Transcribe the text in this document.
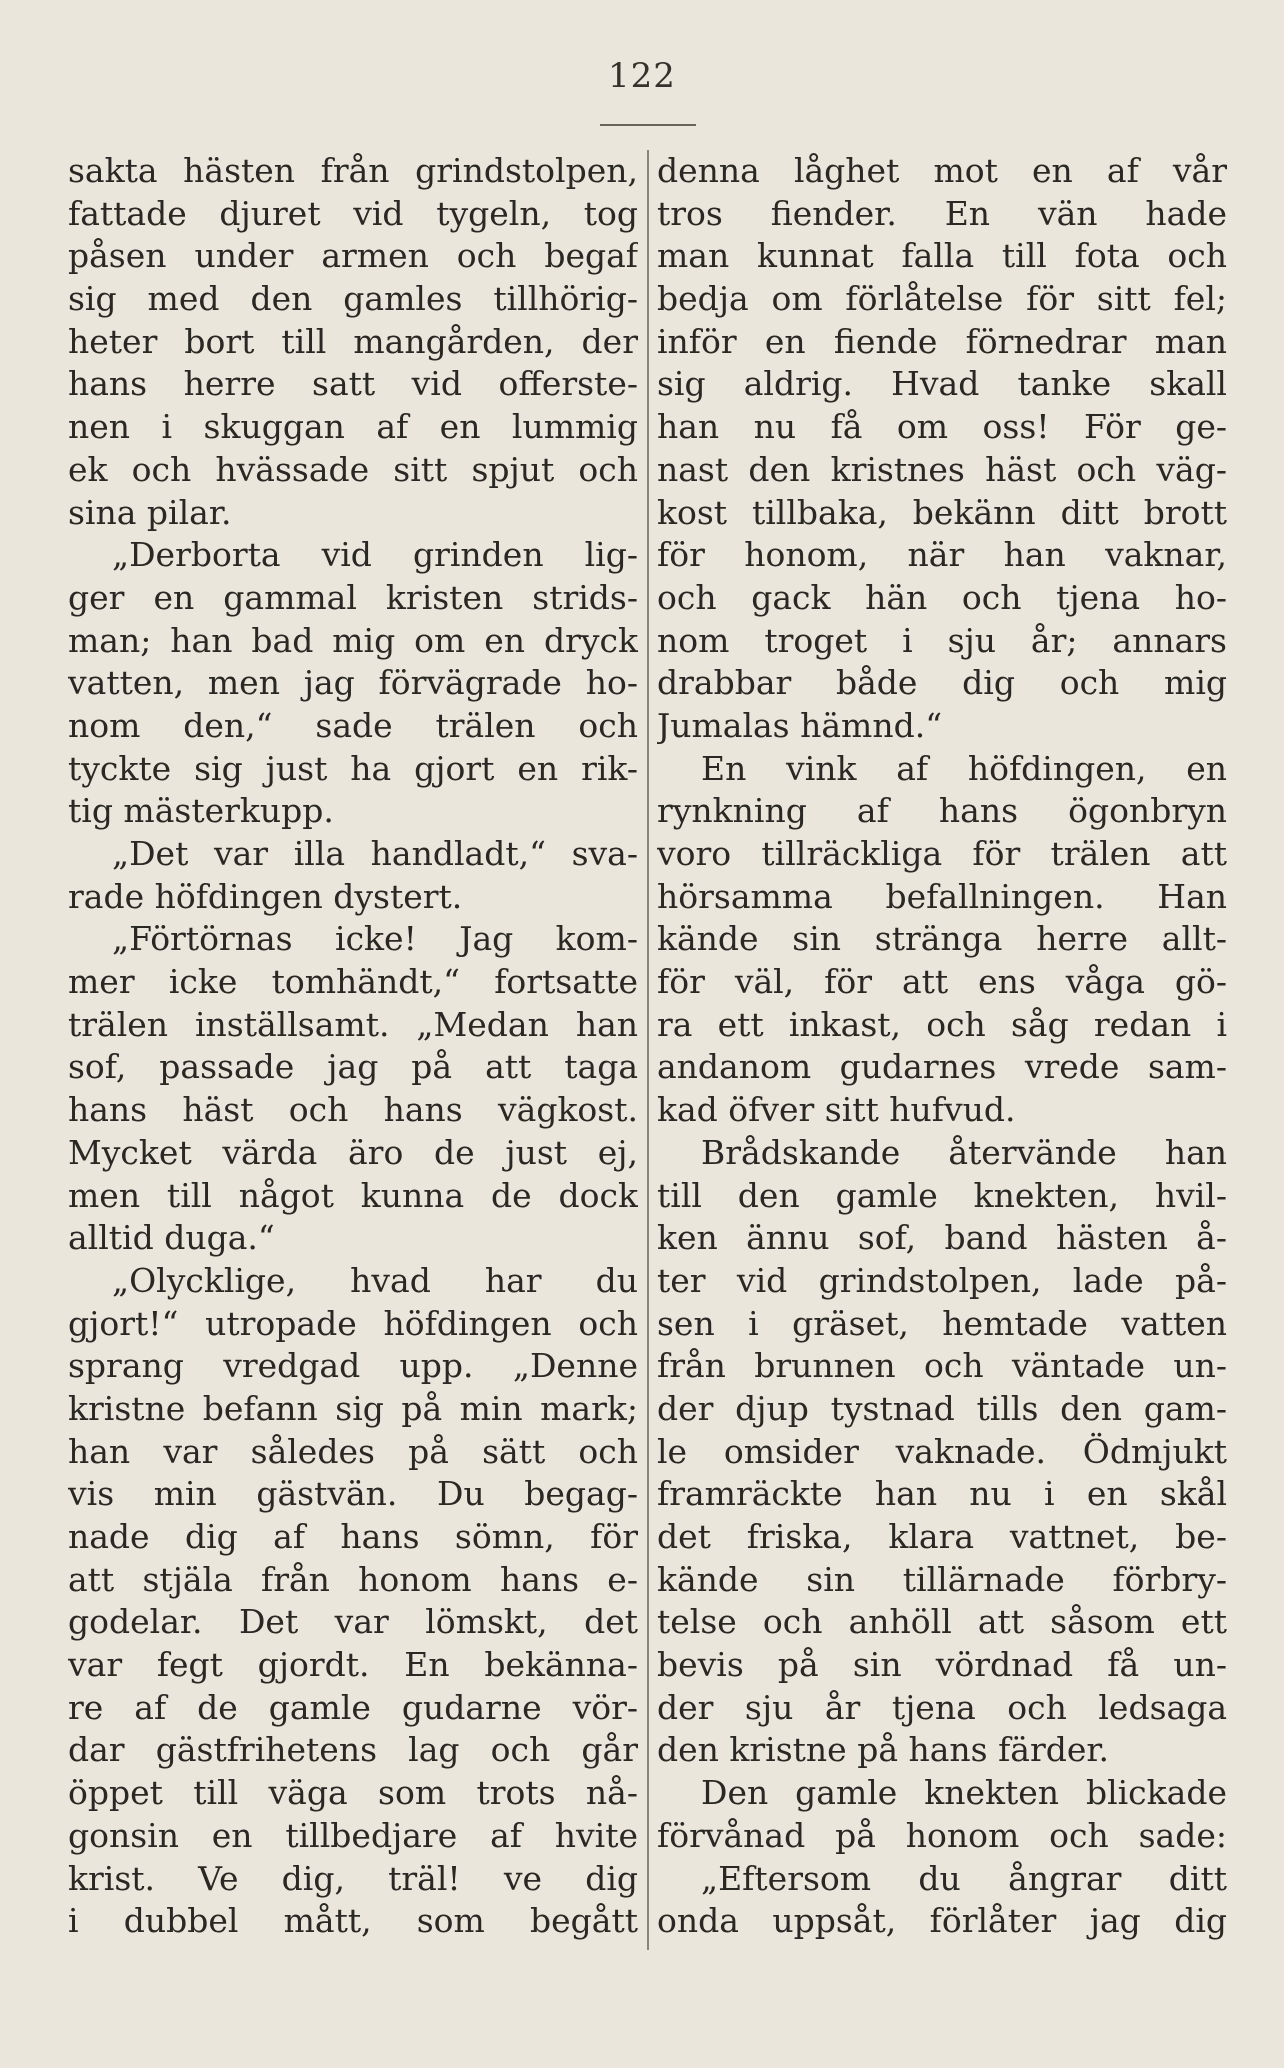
122
sakta hästen från grindstolpen,
fattade djuret vid tygeln, tog
påsen under armen och begaf
sig med den gamles tillhörig-
heter bort till mangården, der
hans herre satt vid offerste-
nen i skuggan af en lummig
ek och hvässade sitt spjut och
sina pilar.
„Derborta vid grinden lig-
ger en gammal kristen strids-
man; han bad mig om en dryck
vatten, men jag förvägrade ho-
nom den,“ sade trälen och
tyckte sig just ha gjort en rik-
tig mästerkupp.
„Det var illa handladt,“ sva-
rade höfdingen dystert.
„Förtörnas icke! Jag kom-
mer icke tomhändt,“ fortsatte
trälen inställsamt. „Medan han
sof, passade jag på att taga
hans häst och hans vägkost.
Mycket värda äro de just ej,
men till något kunna de dock
alltid duga.“
„Olycklige, hvad har du
gjort!“ utropade höfdingen och
sprang vredgad upp. „Denne
kristne befann sig på min mark;
han var således på sätt och
vis min gästvän. Du begag-
nade dig af hans sömn, för
att stjäla från honom hans e-
godelar. Det var lömskt, det
var fegt gjordt. En bekänna-
re af de gamle gudarne vör-
dar gästfrihetens lag och går
öppet till väga som trots nå-
gonsin en tillbedjare af hvite
krist. Ve dig, träl! ve dig
i dubbel mått, som begått
denna låghet mot en af vår
tros fiender. En vän hade
man kunnat falla till fota och
bedja om förlåtelse för sitt fel;
inför en fiende förnedrar man
sig aldrig. Hvad tanke skall
han nu få om oss! För ge-
nast den kristnes häst och väg-
kost tillbaka, bekänn ditt brott
för honom, när han vaknar,
och gack hän och tjena ho-
nom troget i sju år; annars
drabbar både dig och mig
Jumalas hämnd.“
En vink af höfdingen, en
rynkning af hans ögonbryn
voro tillräckliga för trälen att
hörsamma befallningen. Han
kände sin stränga herre allt-
för väl, för att ens våga gö-
ra ett inkast, och såg redan i
andanom gudarnes vrede sam-
kad öfver sitt hufvud.
Brådskande återvände han
till den gamle knekten, hvil-
ken ännu sof, band hästen å-
ter vid grindstolpen, lade på-
sen i gräset, hemtade vatten
från brunnen och väntade un-
der djup tystnad tills den gam-
le omsider vaknade. Ödmjukt
framräckte han nu i en skål
det friska, klara vattnet, be-
kände sin tillärnade förbry-
telse och anhöll att såsom ett
bevis på sin vördnad få un-
der sju år tjena och ledsaga
den kristne på hans färder.
Den gamle knekten blickade
förvånad på honom och sade:
„Eftersom du ångrar ditt
onda uppsåt, förlåter jag dig
